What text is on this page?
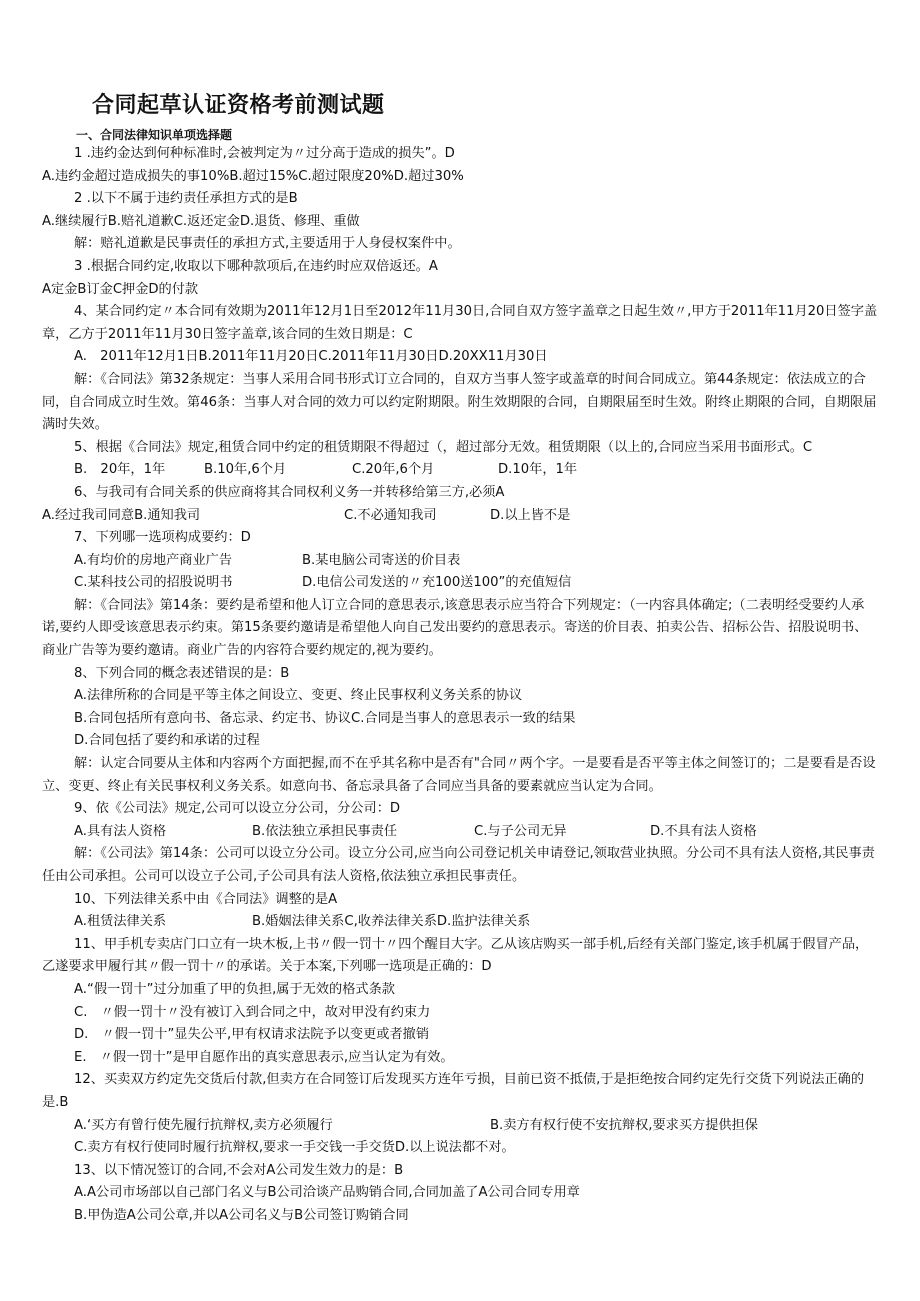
合同起草认证资格考前测试题
一、合同法律知识单项选择题

1 .违约金达到何种标准时,会被判定为〃过分高于造成的损失”。D

A.违约金超过造成损失的事10%B.超过15%C.超过限度20%D.超过30%

2 .以下不属于违约责任承担方式的是B

A.继续履行B.赔礼道歉C.返还定金D.退货、修理、重做

解：赔礼道歉是民事责任的承担方式,主要适用于人身侵权案件中。

3 .根据合同约定,收取以下哪种款项后,在违约时应双倍返还。A

A定金B订金C押金D的付款

4、某合同约定〃本合同有效期为2011年12月1日至2012年11月30日,合同自双方签字盖章之日起生效〃,甲方于2011年11月20日签字盖章，乙方于2011年11月30日签字盖章,该合同的生效日期是：C

A.　2011年12月1日B.2011年11月20日C.2011年11月30日D.20XX11月30日

解：《合同法》第32条规定：当事人采用合同书形式订立合同的，自双方当事人签字或盖章的时间合同成立。第44条规定：依法成立的合同，自合同成立时生效。第46条：当事人对合同的效力可以约定附期限。附生效期限的合同，自期限届至时生效。附终止期限的合同，自期限届满时失效。

5、根据《合同法》规定,租赁合同中约定的租赁期限不得超过（，超过部分无效。租赁期限（以上的,合同应当采用书面形式。C

B.　20年，1年	B.10年,6个月	C.20年,6个月	D.10年，1年

6、与我司有合同关系的供应商将其合同权利义务一并转移给第三方,必须A

A.经过我司同意B.通知我司	C.不必通知我司	D.以上皆不是

7、下列哪一选项构成要约：D

A.有均价的房地产商业广告	B.某电脑公司寄送的价目表

C.某科技公司的招股说明书	D.电信公司发送的〃充100送100”的充值短信

解：《合同法》第14条：要约是希望和他人订立合同的意思表示,该意思表示应当符合下列规定：（一内容具体确定;（二表明经受要约人承诺,要约人即受该意思表示约束。第15条要约邀请是希望他人向自己发出要约的意思表示。寄送的价目表、拍卖公告、招标公告、招股说明书、商业广告等为要约邀请。商业广告的内容符合要约规定的,视为要约。

8、下列合同的概念表述错误的是：B

A.法律所称的合同是平等主体之间设立、变更、终止民事权利义务关系的协议

B.合同包括所有意向书、备忘录、约定书、协议C.合同是当事人的意思表示一致的结果

D.合同包括了要约和承诺的过程

解：认定合同要从主体和内容两个方面把握,而不在乎其名称中是否有"合同〃两个字。一是要看是否平等主体之间签订的；二是要看是否设立、变更、终止有关民事权利义务关系。如意向书、备忘录具备了合同应当具备的要素就应当认定为合同。

9、依《公司法》规定,公司可以设立分公司，分公司：D

A.具有法人资格	B.依法独立承担民事责任	C.与子公司无异	D.不具有法人资格

解：《公司法》第14条：公司可以设立分公司。设立分公司,应当向公司登记机关申请登记,领取营业执照。分公司不具有法人资格,其民事责任由公司承担。公司可以设立子公司,子公司具有法人资格,依法独立承担民事责任。

10、下列法律关系中由《合同法》调整的是A

A.租赁法律关系	B.婚姻法律关系C,收养法律关系D.监护法律关系

11、甲手机专卖店门口立有一块木板,上书〃假一罚十〃四个醒目大字。乙从该店购买一部手机,后经有关部门鉴定,该手机属于假冒产品，乙遂要求甲履行其〃假一罚十〃的承诺。关于本案,下列哪一选项是正确的：D

A.“假一罚十”过分加重了甲的负担,属于无效的格式条款

C.　〃假一罚十〃没有被订入到合同之中，故对甲没有约束力

D.　〃假一罚十”显失公平,甲有权请求法院予以变更或者撤销

E.　〃假一罚十”是甲自愿作出的真实意思表示,应当认定为有效。

12、买卖双方约定先交货后付款,但卖方在合同签订后发现买方连年亏损，目前已资不抵债,于是拒绝按合同约定先行交货下列说法正确的是.B

A.‘买方有曾行使先履行抗辩权,卖方必须履行	B.卖方有权行使不安抗辩权,要求买方提供担保

C.卖方有权行使同时履行抗辩权,要求一手交钱一手交货D.以上说法都不对。

13、以下情况签订的合同,不会对A公司发生效力的是：B

A.A公司市场部以自己部门名义与B公司洽谈产品购销合同,合同加盖了A公司合同专用章

B.甲伪造A公司公章,并以A公司名义与B公司签订购销合同
